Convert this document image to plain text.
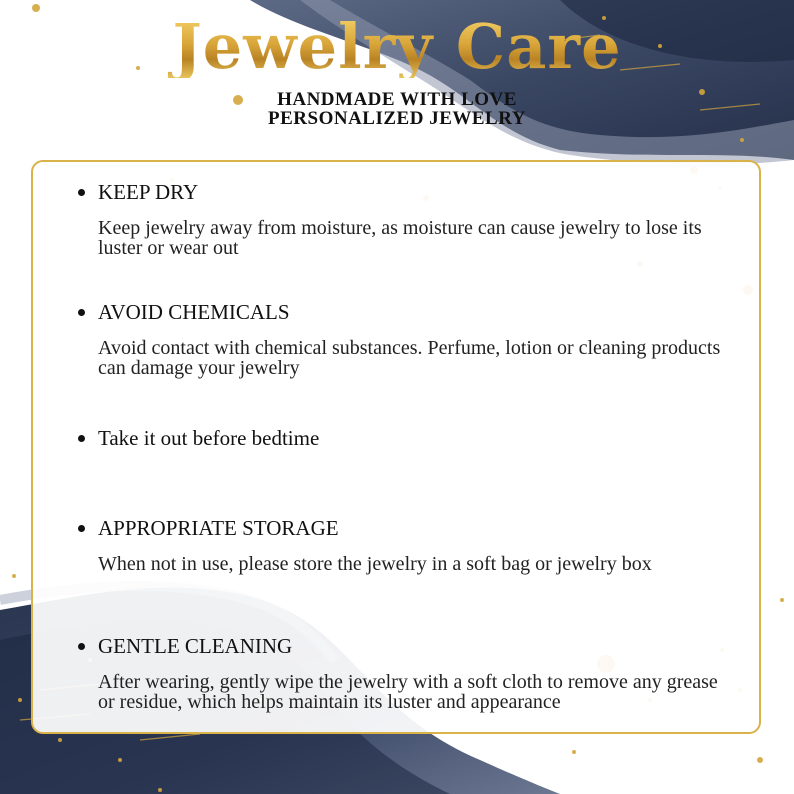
Jewelry Care
HANDMADE WITH LOVE
PERSONALIZED JEWELRY
KEEP DRY
Keep jewelry away from moisture, as moisture can cause jewelry to lose its luster or wear out
AVOID CHEMICALS
Avoid contact with chemical substances. Perfume, lotion or cleaning products can damage your jewelry
Take it out before bedtime
APPROPRIATE STORAGE
When not in use, please store the jewelry in a soft bag or jewelry box
GENTLE CLEANING
After wearing, gently wipe the jewelry with a soft cloth to remove any grease or residue, which helps maintain its luster and appearance
